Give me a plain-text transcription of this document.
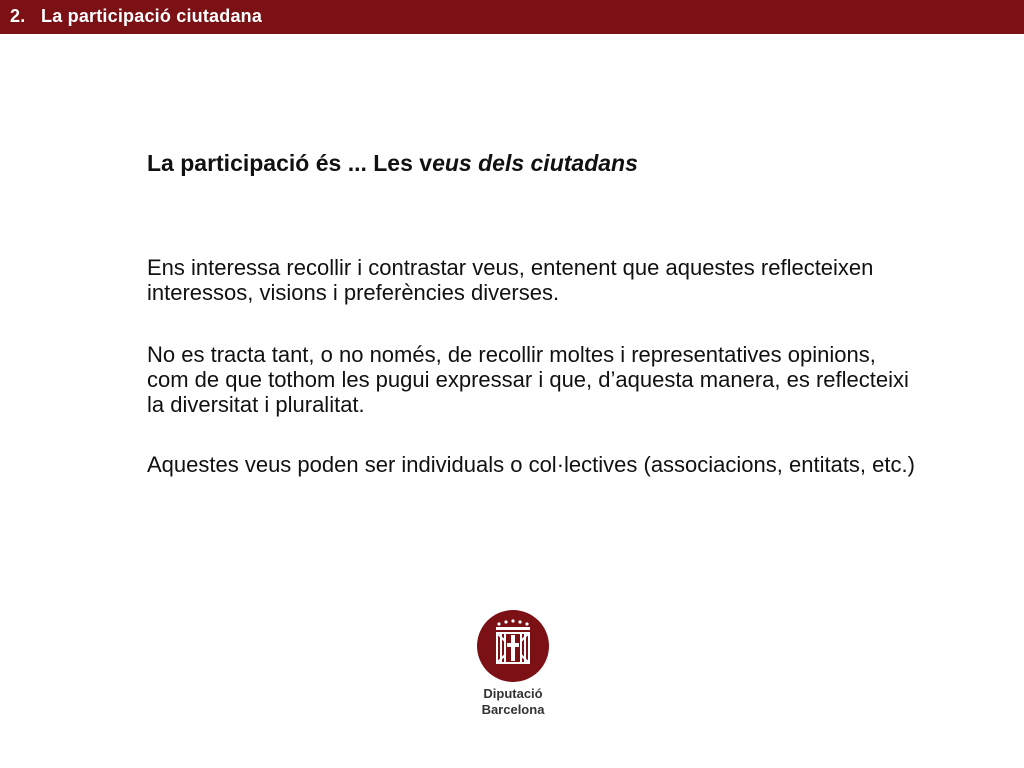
2.   La participació ciutadana
La participació és ... Les veus dels ciutadans
Ens interessa recollir i contrastar veus, entenent que aquestes reflecteixen interessos, visions i preferències diverses.
No es tracta tant, o no només, de recollir moltes i representatives opinions, com de que tothom les pugui expressar i que, d’aquesta manera, es reflecteixi la diversitat i pluralitat.
Aquestes veus poden ser individuals o col·lectives (associacions, entitats, etc.)
Diputació
Barcelona
